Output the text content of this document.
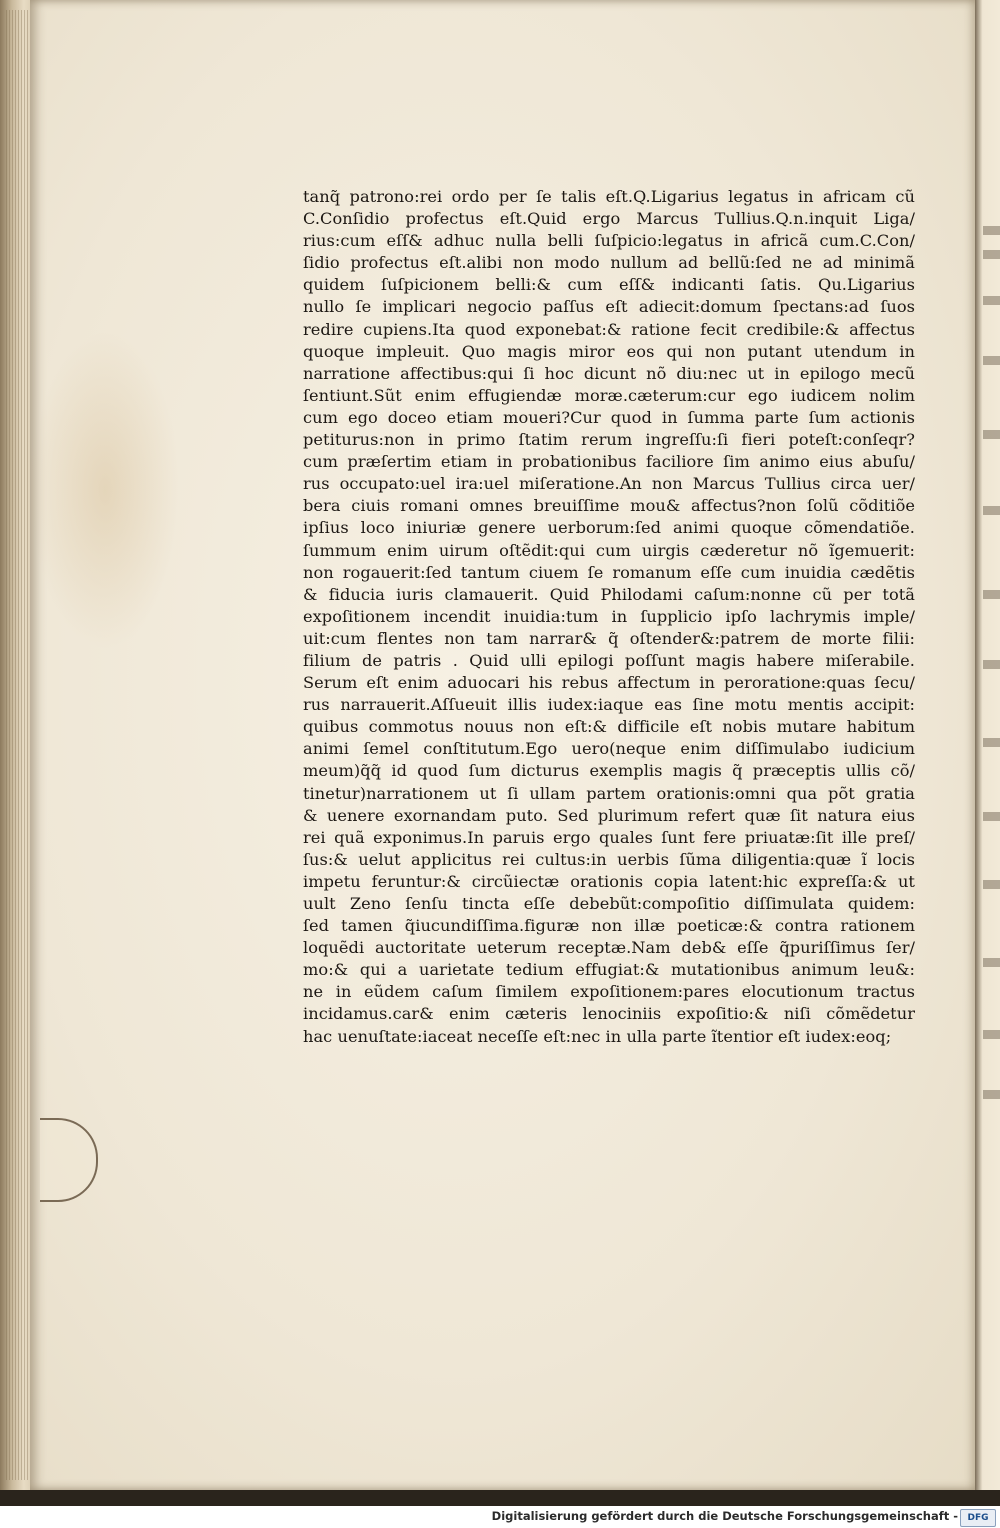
tanq̃ patrono:rei ordo per ſe talis eſt.Q.Ligarius legatus in africam cũ
C.Conſidio profectus eſt.Quid ergo Marcus Tullius.Q.n.inquit Liga/
rius:cum eſſ& adhuc nulla belli ſuſpicio:legatus in africã cum.C.Con/
ſidio profectus eſt.alibi non modo nullum ad bellũ:ſed ne ad minimã
quidem ſuſpicionem belli:& cum eſſ& indicanti ſatis. Qu.Ligarius
nullo ſe implicari negocio paſſus eſt adiecit:domum ſpectans:ad ſuos
redire cupiens.Ita quod exponebat:& ratione fecit credibile:& affectus
quoque impleuit. Quo magis miror eos qui non putant utendum in
narratione affectibus:qui ſi hoc dicunt nõ diu:nec ut in epilogo mecũ
ſentiunt.Sũt enim effugiendæ moræ.cæterum:cur ego iudicem nolim
cum ego doceo etiam moueri?Cur quod in ſumma parte ſum actionis
petiturus:non in primo ſtatim rerum ingreſſu:ſi fieri poteſt:conſeqr?
cum præſertim etiam in probationibus faciliore ſim animo eius abuſu/
rus occupato:uel ira:uel miſeratione.An non Marcus Tullius circa uer/
bera ciuis romani omnes breuiſſime mou& affectus?non ſolũ cõditiõe
ipſius loco iniuriæ genere uerborum:ſed animi quoque cõmendatiõe.
ſummum enim uirum oſtẽdit:qui cum uirgis cæderetur nõ ĩgemuerit:
non rogauerit:ſed tantum ciuem ſe romanum eſſe cum inuidia cædẽtis
& fiducia iuris clamauerit. Quid Philodami caſum:nonne cũ per totã
expoſitionem incendit inuidia:tum in ſupplicio ipſo lachrymis imple/
uit:cum flentes non tam narrar& q̃ oſtender&:patrem de morte filii:
filium de patris . Quid ulli epilogi poſſunt magis habere miſerabile.
Serum eſt enim aduocari his rebus affectum in peroratione:quas ſecu/
rus narrauerit.Aſſueuit illis iudex:iaque eas ſine motu mentis accipit:
quibus commotus nouus non eſt:& difficile eſt nobis mutare habitum
animi ſemel conſtitutum.Ego uero(neque enim diſſimulabo iudicium
meum)q̃q̃ id quod ſum dicturus exemplis magis q̃ præceptis ullis cõ/
tinetur)narrationem ut ſi ullam partem orationis:omni qua põt gratia
& uenere exornandam puto. Sed plurimum refert quæ ſit natura eius
rei quã exponimus.In paruis ergo quales ſunt fere priuatæ:ſit ille preſ/
ſus:& uelut applicitus rei cultus:in uerbis ſũma diligentia:quæ ĩ locis
impetu feruntur:& circũiectæ orationis copia latent:hic expreſſa:& ut
uult Zeno ſenſu tincta eſſe debebũt:compoſitio diſſimulata quidem:
ſed tamen q̃iucundiſſima.figuræ non illæ poeticæ:& contra rationem
loquẽdi auctoritate ueterum receptæ.Nam deb& eſſe q̃puriſſimus ſer/
mo:& qui a uarietate tedium effugiat:& mutationibus animum leu&:
ne in eũdem caſum ſimilem expoſitionem:pares elocutionum tractus
incidamus.car& enim cæteris lenociniis expoſitio:& niſi cõmẽdetur
hac uenuſtate:iaceat neceſſe eſt:nec in ulla parte ĩtentior eſt iudex:eoq;
Digitalisierung gefördert durch die Deutsche Forschungsgemeinschaft -	DFG
